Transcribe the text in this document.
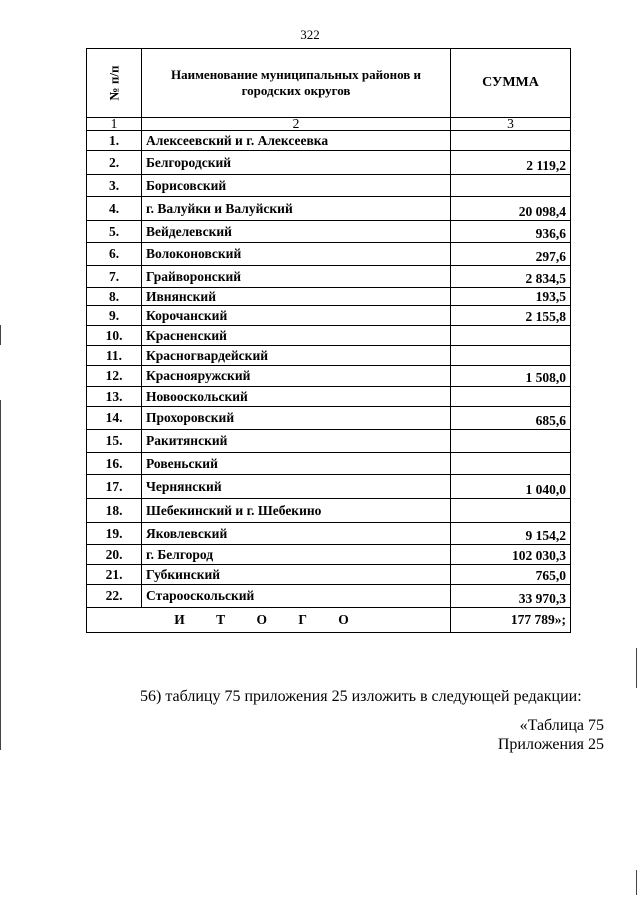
322
№ п/п	Наименование муниципальных районов и городских округов	СУММА
1	2	3
1.	Алексеевский и г. Алексеевка	
2.	Белгородский	2 119,2
3.	Борисовский	
4.	г. Валуйки и Валуйский	20 098,4
5.	Вейделевский	936,6
6.	Волоконовский	297,6
7.	Грайворонский	2 834,5
8.	Ивнянский	193,5
9.	Корочанский	2 155,8
10.	Красненский	
11.	Красногвардейский	
12.	Краснояружский	1 508,0
13.	Новооскольский	
14.	Прохоровский	685,6
15.	Ракитянский	
16.	Ровеньский	
17.	Чернянский	1 040,0
18.	Шебекинский и г. Шебекино	
19.	Яковлевский	9 154,2
20.	г. Белгород	102 030,3
21.	Губкинский	765,0
22.	Старооскольский	33 970,3
И Т О Г О		177 789»;
56) таблицу 75 приложения 25 изложить в следующей редакции:
«Таблица 75
Приложения 25
